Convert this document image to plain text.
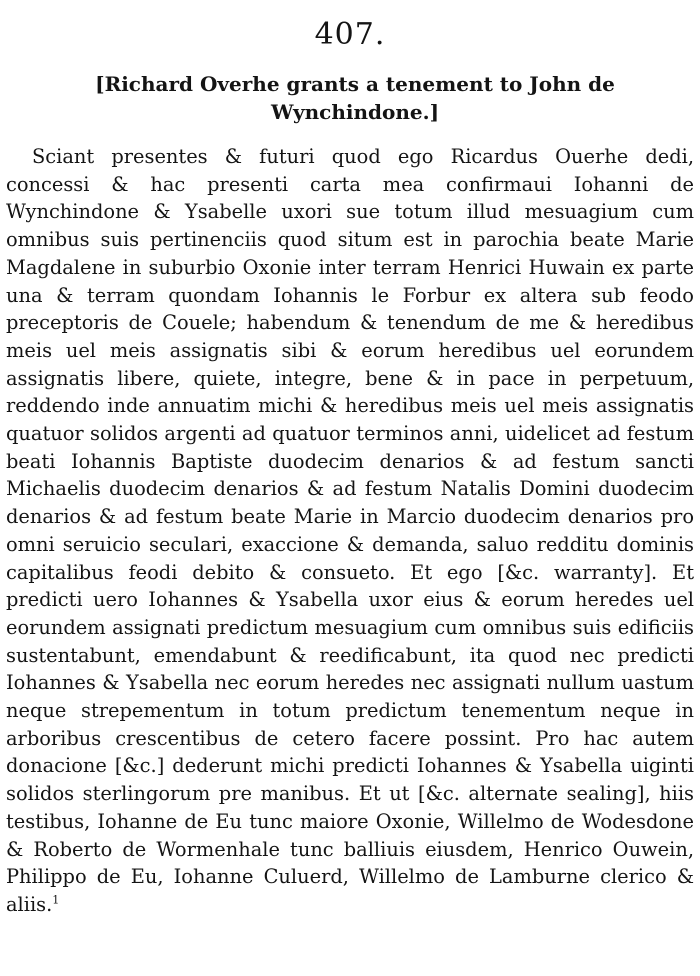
407.
[Richard Overhe grants a tenement to John de Wynchindone.]

Sciant presentes & futuri quod ego Ricardus Ouerhe dedi, concessi & hac presenti carta mea confirmaui Iohanni de Wynchindone & Ysabelle uxori sue totum illud mesuagium cum omnibus suis pertinenciis quod situm est in parochia beate Marie Magdalene in suburbio Oxonie inter terram Henrici Huwain ex parte una & terram quondam Iohannis le Forbur ex altera sub feodo preceptoris de Couele; habendum & tenendum de me & heredibus meis uel meis assignatis sibi & eorum heredibus uel eorundem assignatis libere, quiete, integre, bene & in pace in perpetuum, reddendo inde annuatim michi & heredibus meis uel meis assignatis quatuor solidos argenti ad quatuor terminos anni, uidelicet ad festum beati Iohannis Baptiste duodecim denarios & ad festum sancti Michaelis duodecim denarios & ad festum Natalis Domini duodecim denarios & ad festum beate Marie in Marcio duodecim denarios pro omni seruicio seculari, exaccione & demanda, saluo redditu dominis capitalibus feodi debito & consueto. Et ego [&c. warranty]. Et predicti uero Iohannes & Ysabella uxor eius & eorum heredes uel eorundem assignati predictum mesuagium cum omnibus suis edificiis sustentabunt, emendabunt & reedificabunt, ita quod nec predicti Iohannes & Ysabella nec eorum heredes nec assignati nullum uastum neque strepementum in totum predictum tenementum neque in arboribus crescentibus de cetero facere possint. Pro hac autem donacione [&c.] dederunt michi predicti Iohannes & Ysabella uiginti solidos sterlingorum pre manibus. Et ut [&c. alternate sealing], hiis testibus, Iohanne de Eu tunc maiore Oxonie, Willelmo de Wodesdone & Roberto de Wormenhale tunc balliuis eiusdem, Henrico Ouwein, Philippo de Eu, Iohanne Culuerd, Willelmo de Lamburne clerico & aliis.$^1$
